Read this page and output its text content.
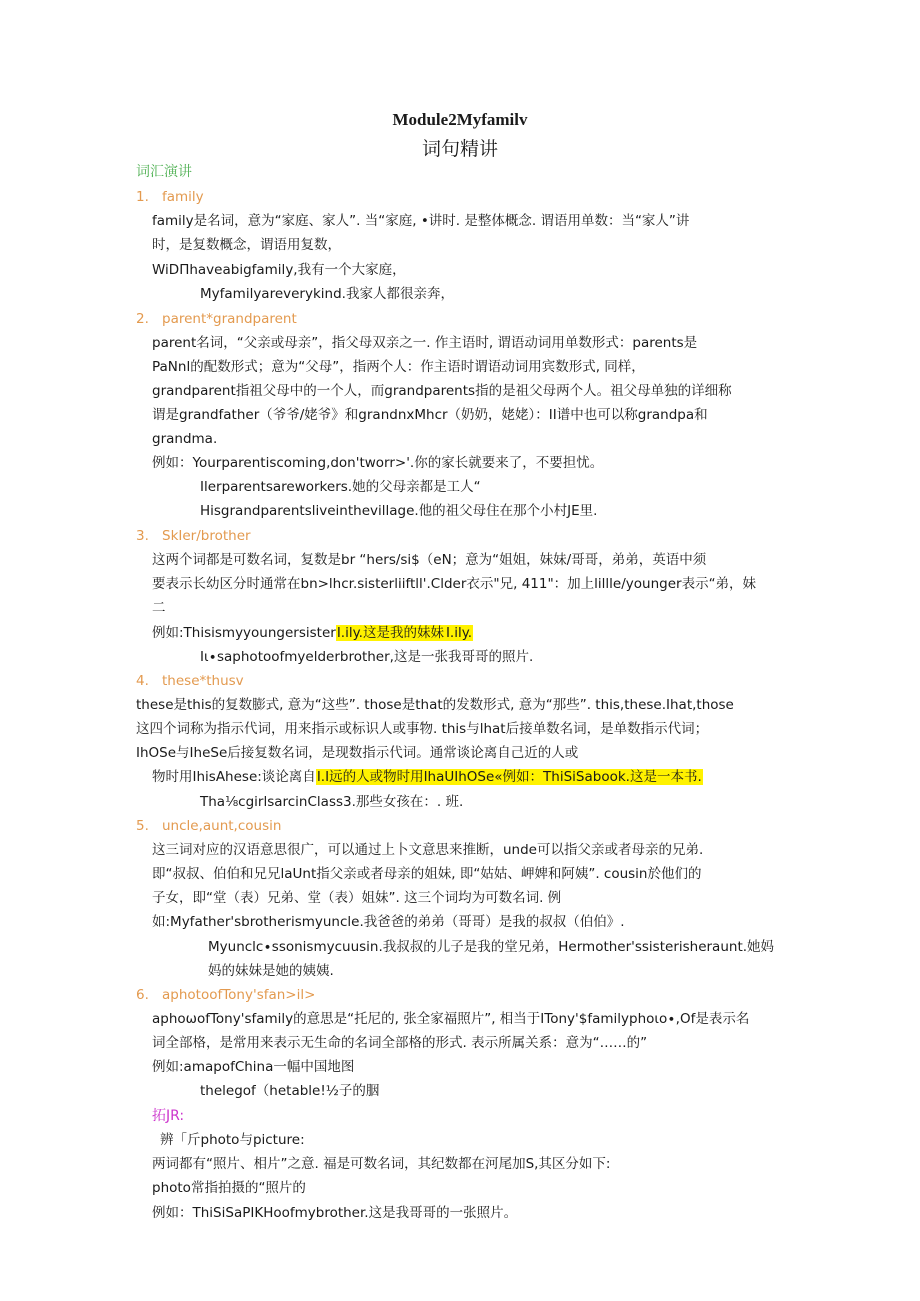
Module2Myfamilv
词句精讲
词汇演讲
1. family
family是名词，意为“家庭、家人”. 当“家庭, •讲时. 是整体概念. 谓语用单数：当“家人”讲
时，是复数概念，谓语用复数，
WiDΠhaveabigfamily,我有一个大家庭，
Myfamilyareverykind.我家人都很亲奔，
2. parent*grandparent
parent名词，“父亲或母亲”，指父母双亲之一. 作主语时, 谓语动词用单数形式：parents是
PaNnl的配数形式；意为“父母”，指两个人：作主语时谓语动词用宾数形式, 同样，
grandparent指祖父母中的一个人，而grandparents指的是祖父母两个人。祖父母单独的详细称
谓是grandfather（爷爷/姥爷》和grandnxMhcr（奶奶，姥姥）：II谱中也可以称grandpa和
grandma.
例如：Yourparentiscoming,don'tworr>'.你的家长就要来了，不要担忧。
Ilerparentsareworkers.她的父母亲都是工人“
Hisgrandparentsliveinthevillage.他的祖父母住在那个小村JE里.
3. SkIer/brother
这两个词都是可数名词，复数是br “hers/si$（eN；意为“姐姐，妹妹/哥哥，弟弟，英语中须
要表示长幼区分时通常在bn>lhcr.sisterliiftll'.Clder衣示"兄, 411"：加上lillle/younger表示“弟，妹
二
例如:ThisismyyoungersisterI.ily.这是我的妹妹 I.ily.
Iι∙saphotoofmyelderbrother,这是一张我哥哥的照片.
4. these*thusv
these是this的复数膨式, 意为“这些”. those是that的发数形式, 意为“那些”. this,these.Ihat,those
这四个词称为指示代词，用来指示或标识人或事物. this与lhat后接单数名词，是单数指示代词；
IhOSe与IheSe后接复数名词，是现数指示代词。通常谈论离自己近的人或
物时用IhisAhese:谈论离自I.I远的人或物时用IhaUIhOSe«例如：ThiSiSabook.这是一本书.
Tha⅛cgirlsarcinClass3.那些女孩在：. 班.
5. uncle,aunt,cousin
这三词对应的汉语意思很广，可以通过上卜文意思来推断，unde可以指父亲或者母亲的兄弟.
即“叔叔、伯伯和兄兄laUnt指父亲或者母亲的姐妹, 即“姑姑、岬婢和阿姨”. cousin於他们的
子女，即“堂（表）兄弟、堂（表）姐妹”. 这三个词均为可数名词. 例
如:Myfather'sbrotherismyuncle.我爸爸的弟弟（哥哥）是我的叔叔（伯伯》.
Myunclc∙ssonismycuusin.我叔叔的儿子是我的堂兄弟，Hermother'ssisterisheraunt.她妈
妈的妹妹是她的姨姨.
6. aphotoofTony'sfan>il>
aphoωofTony'sfamily的意思是“托尼的, 张全家福照片”, 相当于ITony'$familyphoιo∙,Of是表示名
词全部格，是常用来表示无生命的名词全部格的形式. 表示所属关系：意为“……的”
例如:amapofChina一幅中国地图
thelegof（hetable!½子的胭
拓JR:
辨「斤photo与picture:
两词都有“照片、相片”之意. 福是可数名词，其纪数都在河尾加S,其区分如下:
photo常指拍摄的“照片的
例如：ThiSiSaPIKHoofmybrother.这是我哥哥的一张照片。
